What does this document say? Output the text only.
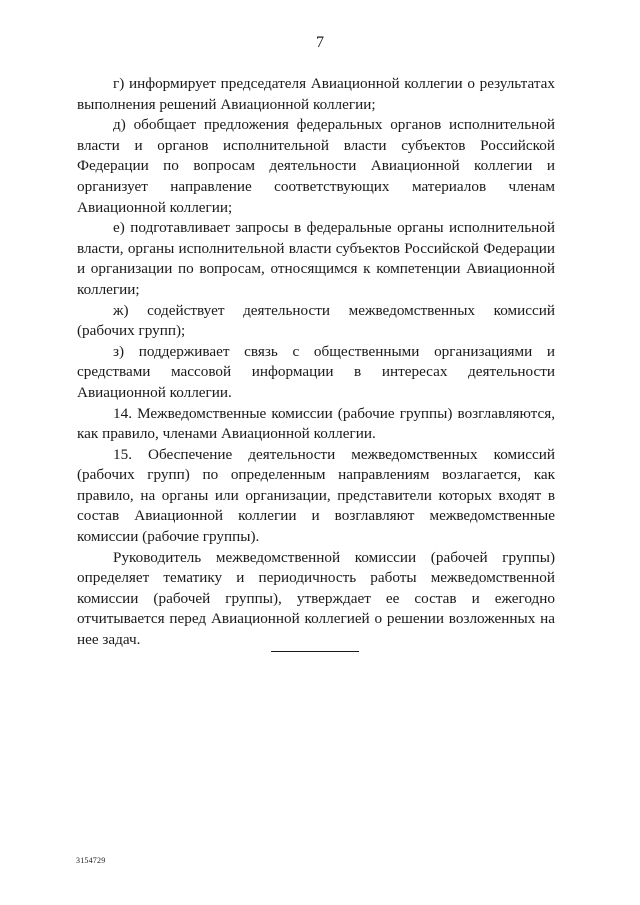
7

г) информирует председателя Авиационной коллегии о результатах выполнения решений Авиационной коллегии;

д) обобщает предложения федеральных органов исполнительной власти и органов исполнительной власти субъектов Российской Федерации по вопросам деятельности Авиационной коллегии и организует направление соответствующих материалов членам Авиационной коллегии;

е) подготавливает запросы в федеральные органы исполнительной власти, органы исполнительной власти субъектов Российской Федерации и организации по вопросам, относящимся к компетенции Авиационной коллегии;

ж) содействует деятельности межведомственных комиссий (рабочих групп);

з) поддерживает связь с общественными организациями и средствами массовой информации в интересах деятельности Авиационной коллегии.

14. Межведомственные комиссии (рабочие группы) возглавляются, как правило, членами Авиационной коллегии.

15. Обеспечение деятельности межведомственных комиссий (рабочих групп) по определенным направлениям возлагается, как правило, на органы или организации, представители которых входят в состав Авиационной коллегии и возглавляют межведомственные комиссии (рабочие группы).

Руководитель межведомственной комиссии (рабочей группы) определяет тематику и периодичность работы межведомственной комиссии (рабочей группы), утверждает ее состав и ежегодно отчитывается перед Авиационной коллегией о решении возложенных на нее задач.

3154729
